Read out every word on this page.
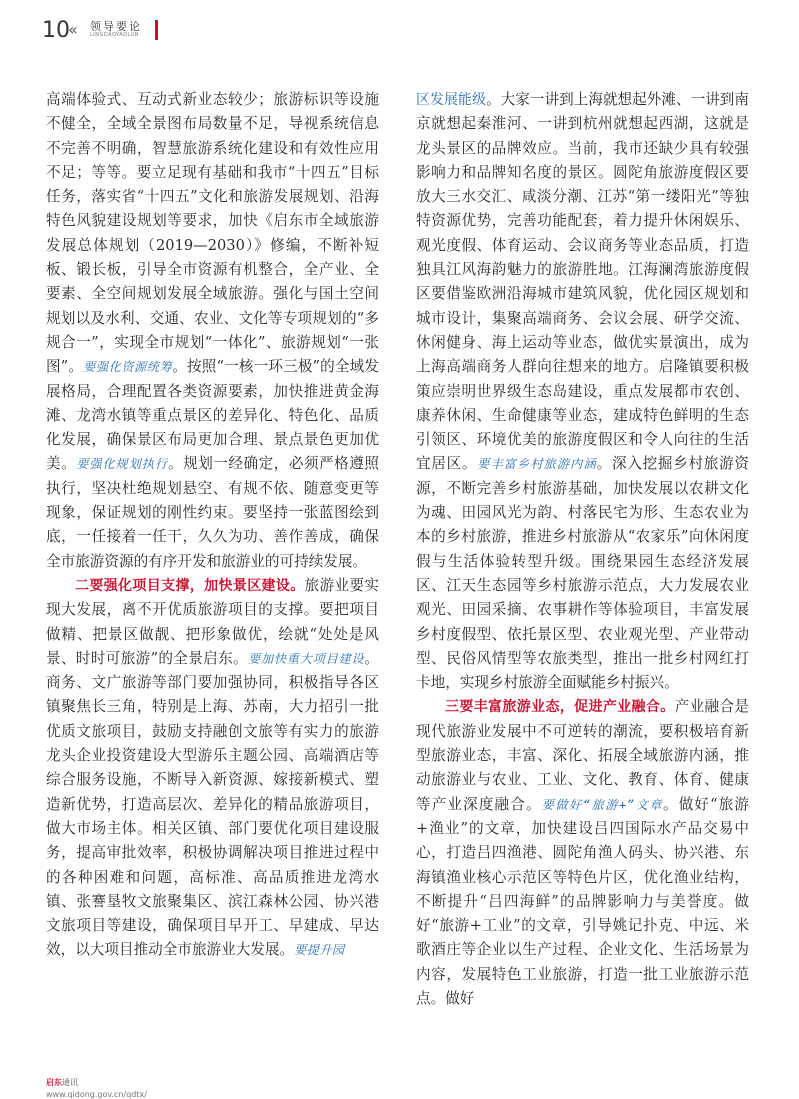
10
« 领导要论
LINGDAOYAOLUN

高端体验式、互动式新业态较少；旅游标识等设施不健全，全域全景图布局数量不足，导视系统信息不完善不明确，智慧旅游系统化建设和有效性应用不足；等等。要立足现有基础和我市“十四五”目标任务，落实省“十四五”文化和旅游发展规划、沿海特色风貌建设规划等要求，加快《启东市全域旅游发展总体规划（2019—2030）》修编，不断补短板、锻长板，引导全市资源有机整合，全产业、全要素、全空间规划发展全域旅游。强化与国土空间规划以及水利、交通、农业、文化等专项规划的“多规合一”，实现全市规划“一体化”、旅游规划“一张图”。要强化资源统筹。按照“一核一环三极”的全域发展格局，合理配置各类资源要素，加快推进黄金海滩、龙湾水镇等重点景区的差异化、特色化、品质化发展，确保景区布局更加合理、景点景色更加优美。要强化规划执行。规划一经确定，必须严格遵照执行，坚决杜绝规划悬空、有规不依、随意变更等现象，保证规划的刚性约束。要坚持一张蓝图绘到底，一任接着一任干，久久为功、善作善成，确保全市旅游资源的有序开发和旅游业的可持续发展。

二要强化项目支撑，加快景区建设。旅游业要实现大发展，离不开优质旅游项目的支撑。要把项目做精、把景区做靓、把形象做优，绘就“处处是风景、时时可旅游”的全景启东。要加快重大项目建设。商务、文广旅游等部门要加强协同，积极指导各区镇聚焦长三角，特别是上海、苏南，大力招引一批优质文旅项目，鼓励支持融创文旅等有实力的旅游龙头企业投资建设大型游乐主题公园、高端酒店等综合服务设施，不断导入新资源、嫁接新模式、塑造新优势，打造高层次、差异化的精品旅游项目，做大市场主体。相关区镇、部门要优化项目建设服务，提高审批效率，积极协调解决项目推进过程中的各种困难和问题，高标准、高品质推进龙湾水镇、张謇垦牧文旅聚集区、滨江森林公园、协兴港文旅项目等建设，确保项目早开工、早建成、早达效，以大项目推动全市旅游业大发展。要提升园

区发展能级。大家一讲到上海就想起外滩、一讲到南京就想起秦淮河、一讲到杭州就想起西湖，这就是龙头景区的品牌效应。当前，我市还缺少具有较强影响力和品牌知名度的景区。圆陀角旅游度假区要放大三水交汇、咸淡分潮、江苏“第一缕阳光”等独特资源优势，完善功能配套，着力提升休闲娱乐、观光度假、体育运动、会议商务等业态品质，打造独具江风海韵魅力的旅游胜地。江海澜湾旅游度假区要借鉴欧洲沿海城市建筑风貌，优化园区规划和城市设计，集聚高端商务、会议会展、研学交流、休闲健身、海上运动等业态，做优实景演出，成为上海高端商务人群向往想来的地方。启隆镇要积极策应崇明世界级生态岛建设，重点发展都市农创、康养休闲、生命健康等业态，建成特色鲜明的生态引领区、环境优美的旅游度假区和令人向往的生活宜居区。要丰富乡村旅游内涵。深入挖掘乡村旅游资源，不断完善乡村旅游基础，加快发展以农耕文化为魂、田园风光为韵、村落民宅为形、生态农业为本的乡村旅游，推进乡村旅游从“农家乐”向休闲度假与生活体验转型升级。围绕果园生态经济发展区、江天生态园等乡村旅游示范点，大力发展农业观光、田园采摘、农事耕作等体验项目，丰富发展乡村度假型、依托景区型、农业观光型、产业带动型、民俗风情型等农旅类型，推出一批乡村网红打卡地，实现乡村旅游全面赋能乡村振兴。

三要丰富旅游业态，促进产业融合。产业融合是现代旅游业发展中不可逆转的潮流，要积极培育新型旅游业态，丰富、深化、拓展全域旅游内涵，推动旅游业与农业、工业、文化、教育、体育、健康等产业深度融合。要做好“旅游+”文章。做好“旅游+渔业”的文章，加快建设吕四国际水产品交易中心，打造吕四渔港、圆陀角渔人码头、协兴港、东海镇渔业核心示范区等特色片区，优化渔业结构，不断提升“吕四海鲜”的品牌影响力与美誉度。做好“旅游+工业”的文章，引导姚记扑克、中远、米歌酒庄等企业以生产过程、企业文化、生活场景为内容，发展特色工业旅游，打造一批工业旅游示范点。做好

启东通讯
www.qidong.gov.cn/qdtx/
